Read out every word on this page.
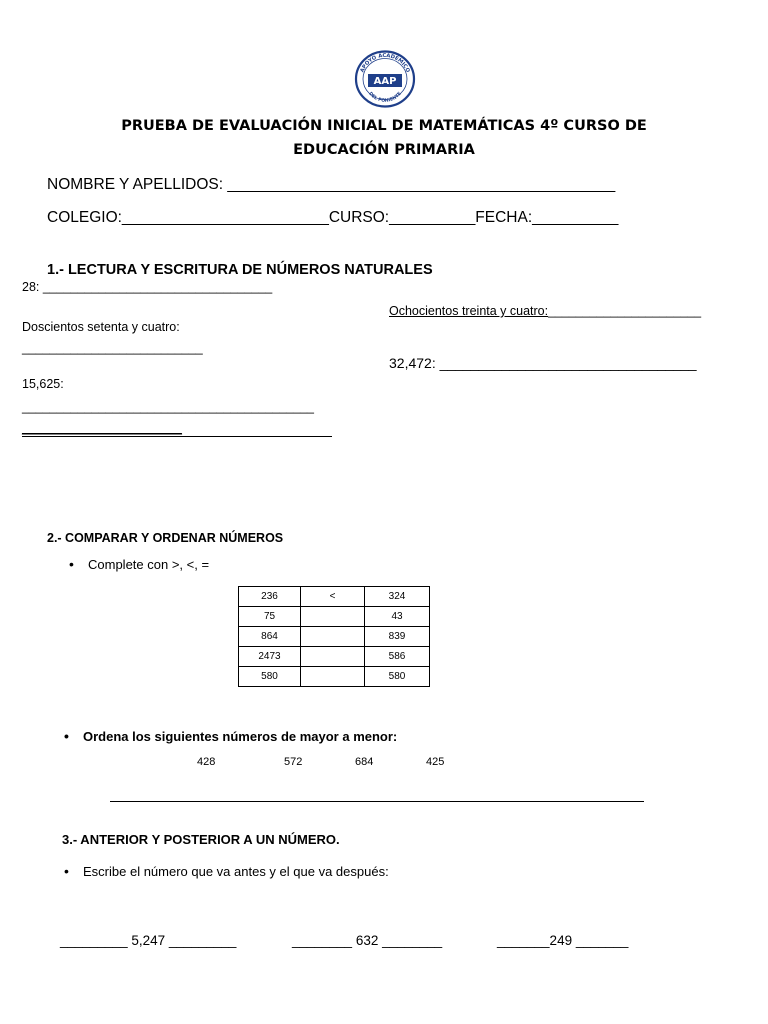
AAP
APOYO ACADÉMICO
DEL PONIENTE
PRUEBA DE EVALUACIÓN INICIAL DE MATEMÁTICAS 4º CURSO DE
EDUCACIÓN PRIMARIA
NOMBRE Y APELLIDOS: _____________________________________________
COLEGIO:________________________CURSO:__________FECHA:__________
1.- LECTURA Y ESCRITURA DE NÚMEROS NATURALES
28: _________________________________
Doscientos setenta y cuatro:
__________________________
15,625:
__________________________________________
_______________________
Ochocientos treinta y cuatro:______________________
32,472: _________________________________
2.- COMPARAR Y ORDENAR NÚMEROS
• Complete con >, <, =
236	<	324
75		43
864		839
2473		586
580		580
• Ordena los siguientes números de mayor a menor:
428	572	684	425
3.- ANTERIOR Y POSTERIOR A UN NÚMERO.
• Escribe el número que va antes y el que va después:
_________ 5,247 _________	________ 632 ________	_______249 _______
